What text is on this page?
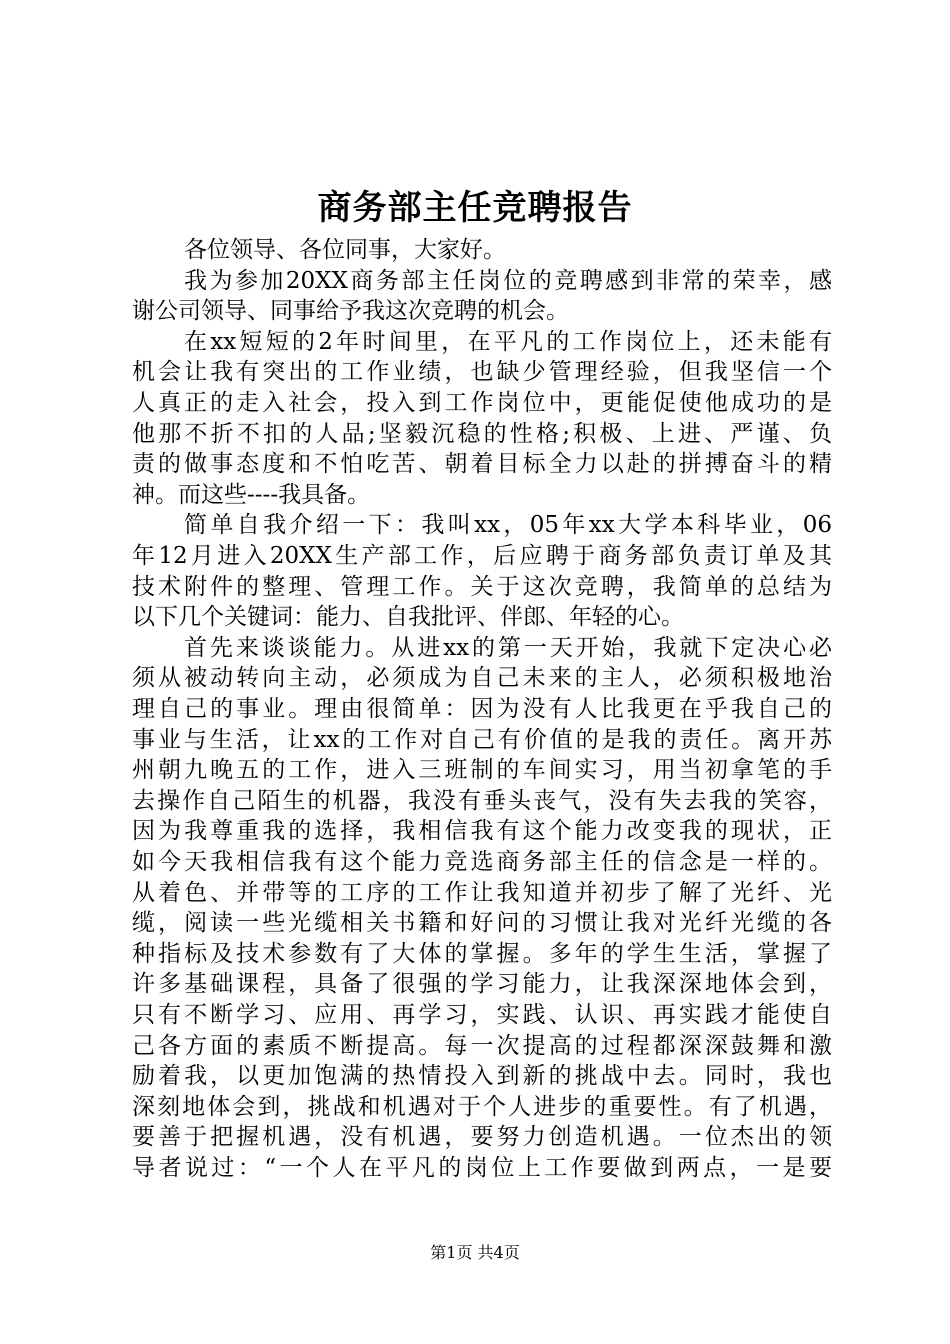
商务部主任竞聘报告
各位领导、各位同事，大家好。
我为参加20XX商务部主任岗位的竞聘感到非常的荣幸，感
谢公司领导、同事给予我这次竞聘的机会。
在xx短短的2年时间里，在平凡的工作岗位上，还未能有
机会让我有突出的工作业绩，也缺少管理经验，但我坚信一个
人真正的走入社会，投入到工作岗位中，更能促使他成功的是
他那不折不扣的人品;坚毅沉稳的性格;积极、上进、严谨、负
责的做事态度和不怕吃苦、朝着目标全力以赴的拼搏奋斗的精
神。而这些----我具备。
简单自我介绍一下：我叫xx，05年xx大学本科毕业，06
年12月进入20XX生产部工作，后应聘于商务部负责订单及其
技术附件的整理、管理工作。关于这次竞聘，我简单的总结为
以下几个关键词：能力、自我批评、伴郎、年轻的心。
首先来谈谈能力。从进xx的第一天开始，我就下定决心必
须从被动转向主动，必须成为自己未来的主人，必须积极地治
理自己的事业。理由很简单：因为没有人比我更在乎我自己的
事业与生活，让xx的工作对自己有价值的是我的责任。离开苏
州朝九晚五的工作，进入三班制的车间实习，用当初拿笔的手
去操作自己陌生的机器，我没有垂头丧气，没有失去我的笑容，
因为我尊重我的选择，我相信我有这个能力改变我的现状，正
如今天我相信我有这个能力竞选商务部主任的信念是一样的。
从着色、并带等的工序的工作让我知道并初步了解了光纤、光
缆，阅读一些光缆相关书籍和好问的习惯让我对光纤光缆的各
种指标及技术参数有了大体的掌握。多年的学生生活，掌握了
许多基础课程，具备了很强的学习能力，让我深深地体会到，
只有不断学习、应用、再学习，实践、认识、再实践才能使自
己各方面的素质不断提高。每一次提高的过程都深深鼓舞和激
励着我，以更加饱满的热情投入到新的挑战中去。同时，我也
深刻地体会到，挑战和机遇对于个人进步的重要性。有了机遇，
要善于把握机遇，没有机遇，要努力创造机遇。一位杰出的领
导者说过：“一个人在平凡的岗位上工作要做到两点，一是要
第1页 共4页
